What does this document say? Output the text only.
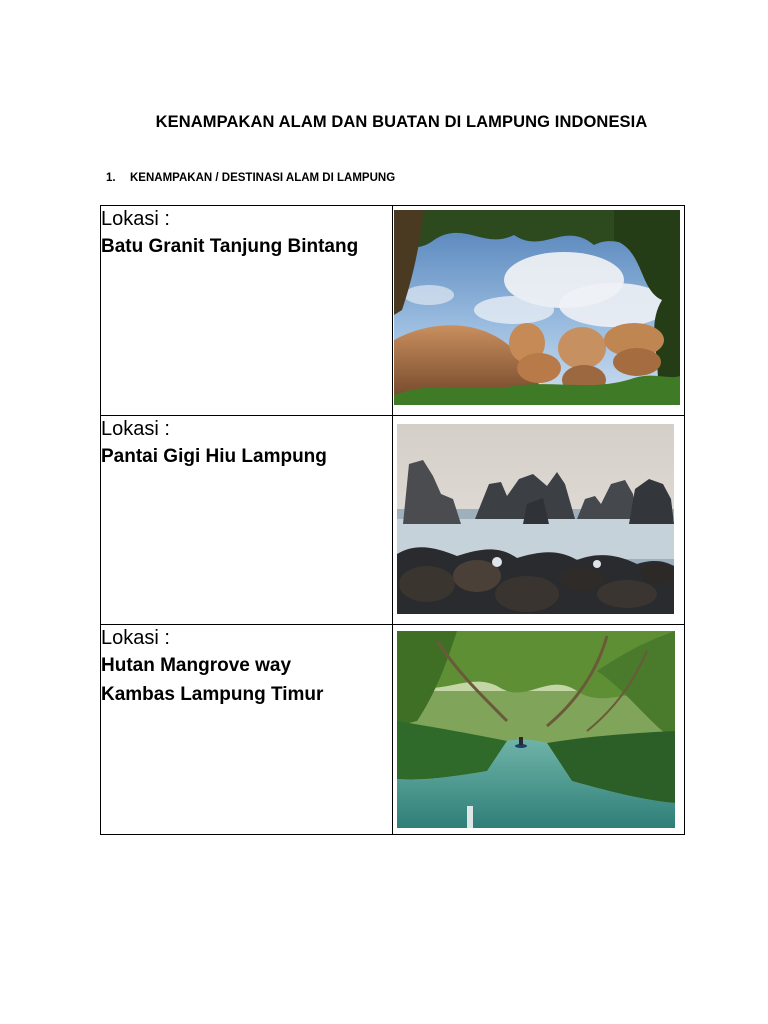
KENAMPAKAN ALAM DAN BUATAN DI LAMPUNG INDONESIA
1. KENAMPAKAN / DESTINASI ALAM DI LAMPUNG
Lokasi :
Batu Granit Tanjung Bintang

Lokasi :
Pantai Gigi Hiu Lampung

Lokasi :
Hutan Mangrove way
Kambas Lampung Timur
